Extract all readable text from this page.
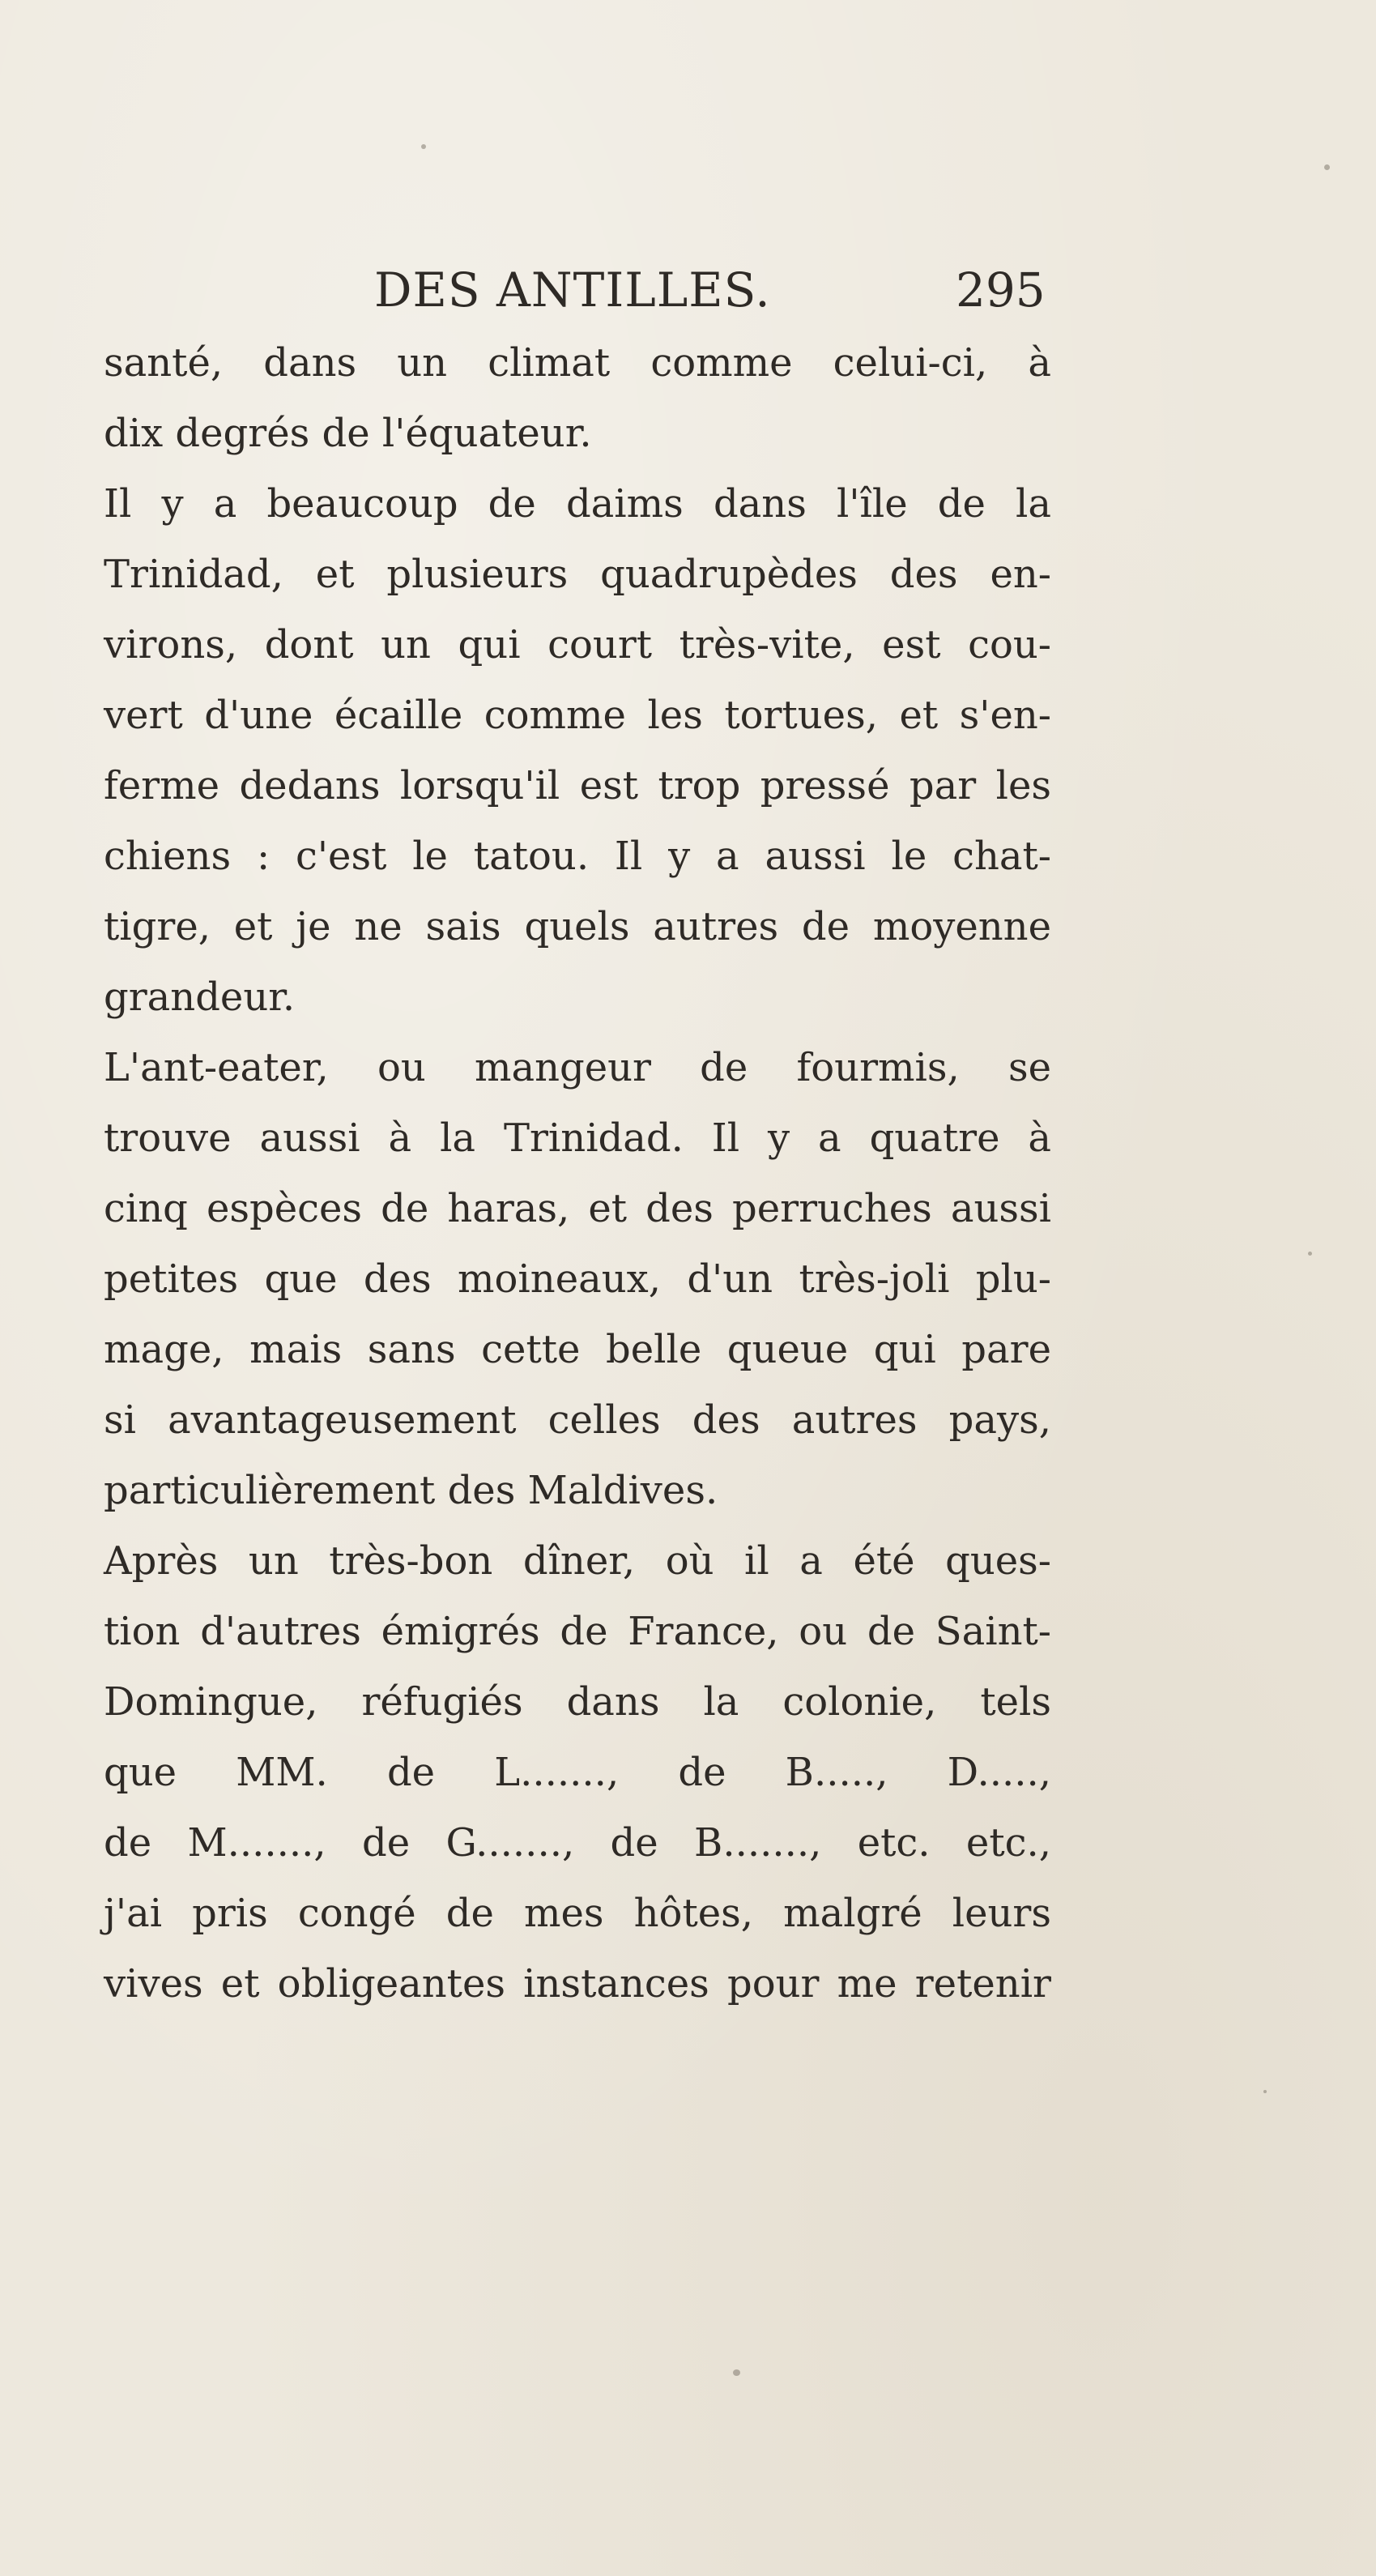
DES ANTILLES.	295
santé, dans un climat comme celui-ci, à
dix degrés de l'équateur.
Il y a beaucoup de daims dans l'île de la
Trinidad, et plusieurs quadrupèdes des en-
virons, dont un qui court très-vite, est cou-
vert d'une écaille comme les tortues, et s'en-
ferme dedans lorsqu'il est trop pressé par les
chiens : c'est le tatou. Il y a aussi le chat-
tigre, et je ne sais quels autres de moyenne
grandeur.
L'ant-eater, ou mangeur de fourmis, se
trouve aussi à la Trinidad. Il y a quatre à
cinq espèces de haras, et des perruches aussi
petites que des moineaux, d'un très-joli plu-
mage, mais sans cette belle queue qui pare
si avantageusement celles des autres pays,
particulièrement des Maldives.
Après un très-bon dîner, où il a été ques-
tion d'autres émigrés de France, ou de Saint-
Domingue, réfugiés dans la colonie, tels
que MM. de L......., de B....., D.....,
de M......., de G......., de B......., etc. etc.,
j'ai pris congé de mes hôtes, malgré leurs
vives et obligeantes instances pour me retenir
